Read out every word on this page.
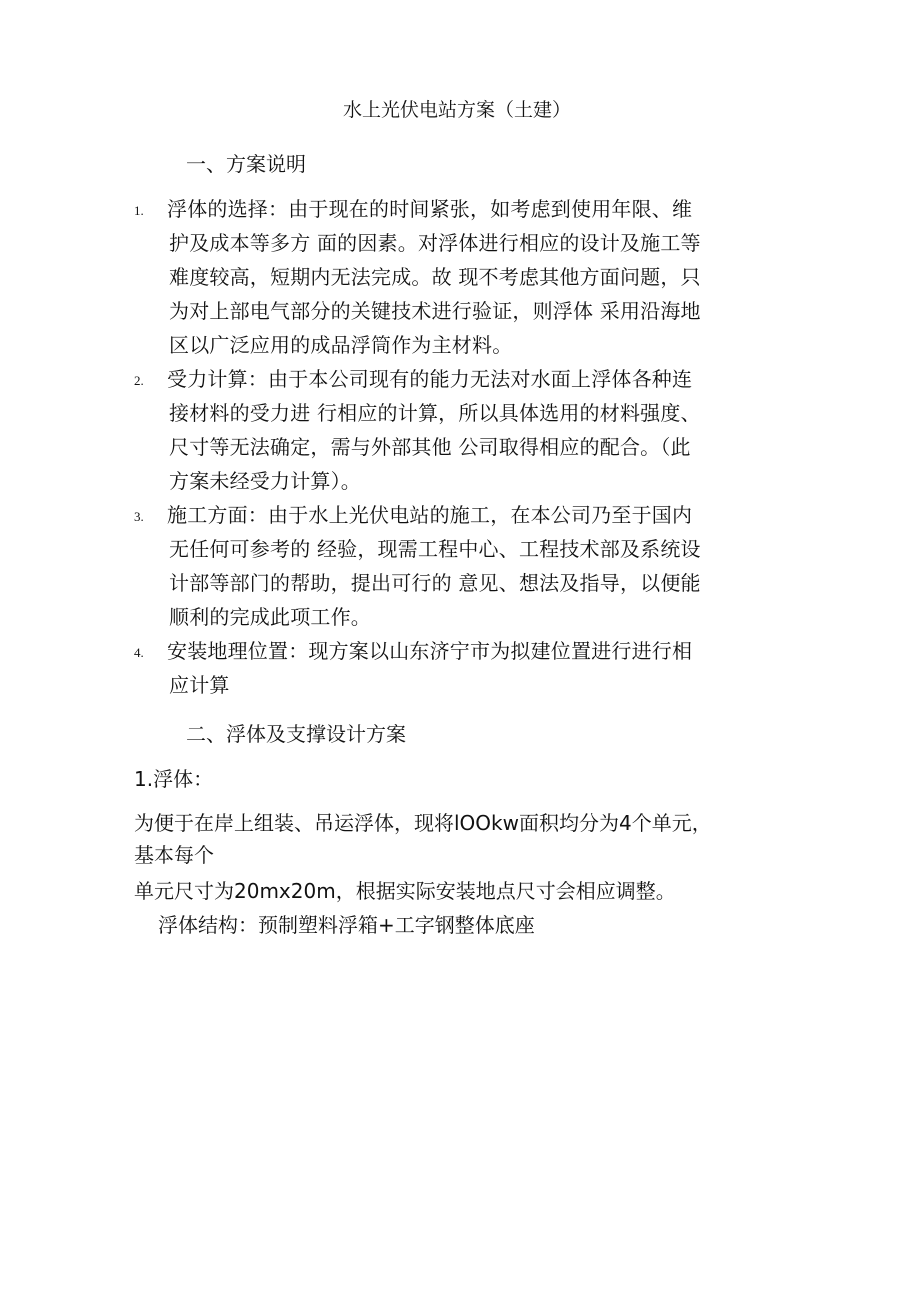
水上光伏电站方案（土建）
一、方案说明
1. 浮体的选择：由于现在的时间紧张，如考虑到使用年限、维
护及成本等多方 面的因素。对浮体进行相应的设计及施工等
难度较高，短期内无法完成。故 现不考虑其他方面问题，只
为对上部电气部分的关键技术进行验证，则浮体 采用沿海地
区以广泛应用的成品浮筒作为主材料。

2. 受力计算：由于本公司现有的能力无法对水面上浮体各种连
接材料的受力进 行相应的计算，所以具体选用的材料强度、
尺寸等无法确定，需与外部其他 公司取得相应的配合。（此
方案未经受力计算）。

3. 施工方面：由于水上光伏电站的施工，在本公司乃至于国内
无任何可参考的 经验，现需工程中心、工程技术部及系统设
计部等部门的帮助，提出可行的 意见、想法及指导，以便能
顺利的完成此项工作。

4. 安装地理位置：现方案以山东济宁市为拟建位置进行进行相
应计算

二、浮体及支撑设计方案
1.浮体：

为便于在岸上组装、吊运浮体，现将lOOkw面积均分为4个单元，

基本每个

单元尺寸为20mx20m，根据实际安装地点尺寸会相应调整。

浮体结构：预制塑料浮箱+工字钢整体底座
